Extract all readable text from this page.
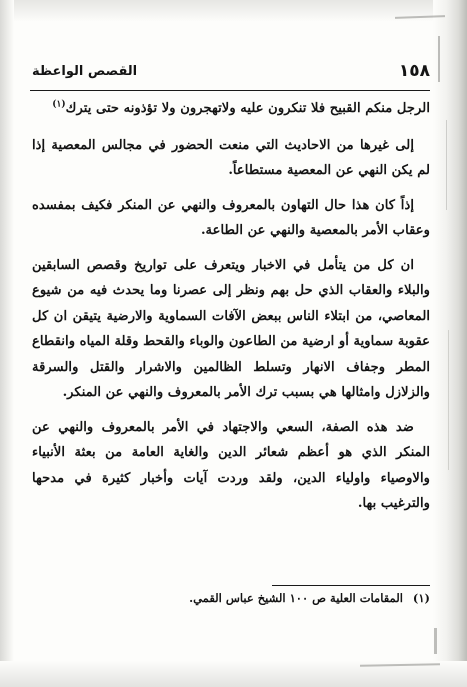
١٥٨
القصص الواعظة

الرجل منكم القبيح فلا تنكرون عليه ولاتهجرون ولا تؤذونه حتى يترك$^{(١)}$

إلى غيرها من الاحاديث التي منعت الحضور في مجالس المعصية إذا لم يكن النهي عن المعصية مستطاعاً.

إذاً كان هذا حال التهاون بالمعروف والنهي عن المنكر فكيف بمفسده وعقاب الأمر بالمعصية والنهي عن الطاعة.

ان كل من يتأمل في الاخبار ويتعرف على تواريخ وقصص السابقين والبلاء والعقاب الذي حل بهم ونظر إلى عصرنا وما يحدث فيه من شيوع المعاصي، من ابتلاء الناس ببعض الآفات السماوية والارضية يتيقن ان كل عقوبة سماوية أو ارضية من الطاعون والوباء والقحط وقلة المياه وانقطاع المطر وجفاف الانهار وتسلط الظالمين والاشرار والقتل والسرقة والزلازل وامثالها هي بسبب ترك الأمر بالمعروف والنهي عن المنكر.

ضد هذه الصفة، السعي والاجتهاد في الأمر بالمعروف والنهي عن المنكر الذي هو أعظم شعائر الدين والغاية العامة من بعثة الأنبياء والاوصياء واولياء الدين، ولقد وردت آيات وأخبار كثيرة في مدحها والترغيب بها.

(١) المقامات العلية ص ١٠٠ الشيخ عباس القمي.
